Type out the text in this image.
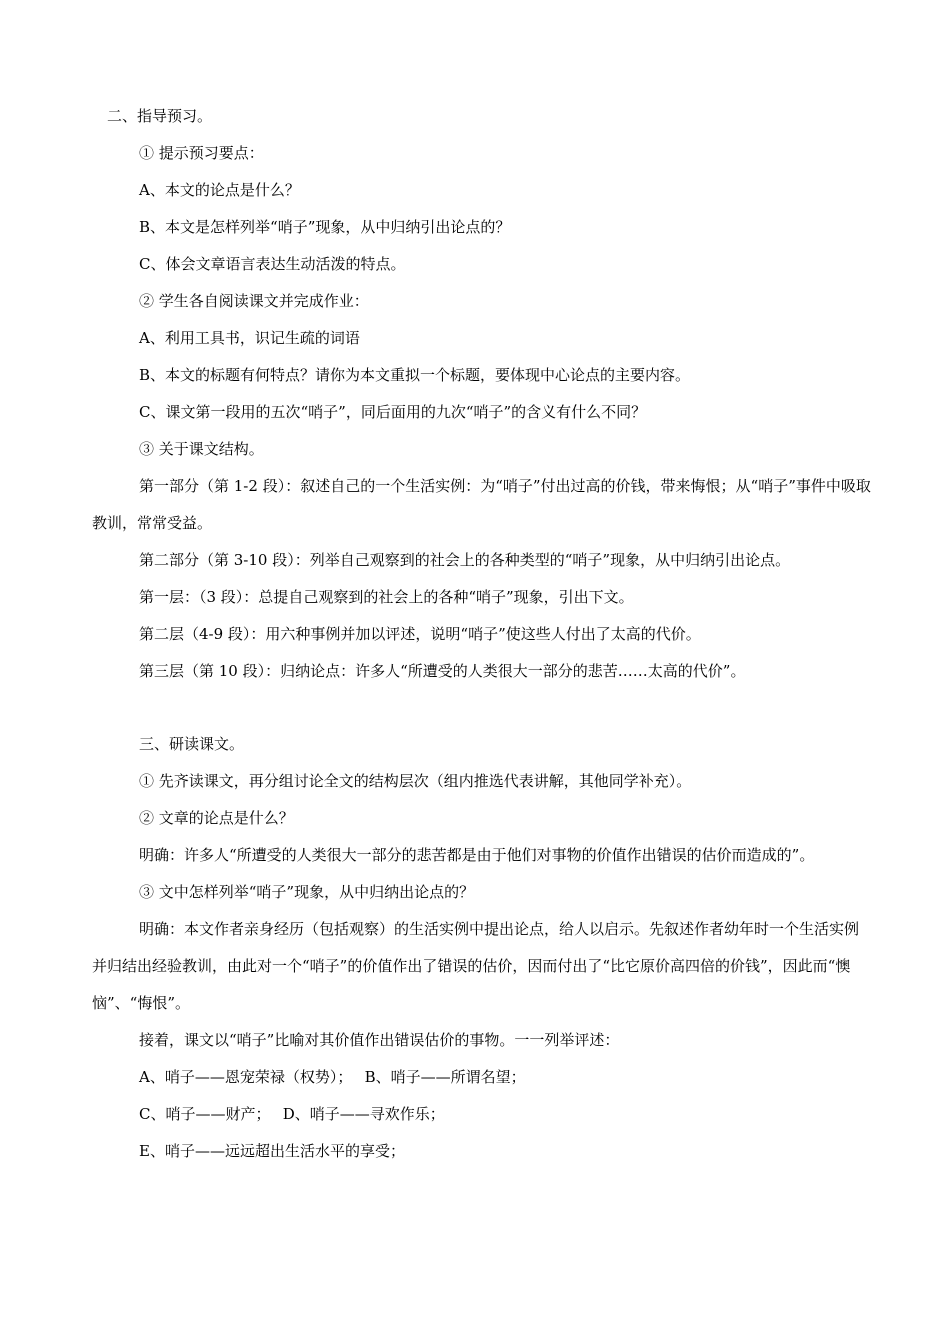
二、指导预习。

① 提示预习要点：

A、本文的论点是什么？

B、本文是怎样列举“哨子”现象，从中归纳引出论点的？

C、体会文章语言表达生动活泼的特点。

② 学生各自阅读课文并完成作业：

A、利用工具书，识记生疏的词语

B、本文的标题有何特点？请你为本文重拟一个标题，要体现中心论点的主要内容。

C、课文第一段用的五次“哨子”，同后面用的九次“哨子”的含义有什么不同？

③ 关于课文结构。

第一部分（第 1-2 段）：叙述自己的一个生活实例：为“哨子”付出过高的价钱，带来悔恨；从“哨子”事件中吸取教训，常常受益。

第二部分（第 3-10 段）：列举自己观察到的社会上的各种类型的“哨子”现象，从中归纳引出论点。

第一层：（3 段）：总提自己观察到的社会上的各种“哨子”现象，引出下文。

第二层（4-9 段）：用六种事例并加以评述，说明“哨子”使这些人付出了太高的代价。

第三层（第 10 段）：归纳论点：许多人“所遭受的人类很大一部分的悲苦……太高的代价”。

三、研读课文。

① 先齐读课文，再分组讨论全文的结构层次（组内推选代表讲解，其他同学补充）。

② 文章的论点是什么？

明确：许多人“所遭受的人类很大一部分的悲苦都是由于他们对事物的价值作出错误的估价而造成的”。

③ 文中怎样列举“哨子”现象，从中归纳出论点的？

明确：本文作者亲身经历（包括观察）的生活实例中提出论点，给人以启示。先叙述作者幼年时一个生活实例并归结出经验教训，由此对一个“哨子”的价值作出了错误的估价，因而付出了“比它原价高四倍的价钱”，因此而“懊恼”、“悔恨”。

接着，课文以“哨子”比喻对其价值作出错误估价的事物。一一列举评述：

A、哨子——恩宠荣禄（权势）；　 B、哨子——所谓名望；

C、哨子——财产；　 D、哨子——寻欢作乐；

E、哨子——远远超出生活水平的享受；
